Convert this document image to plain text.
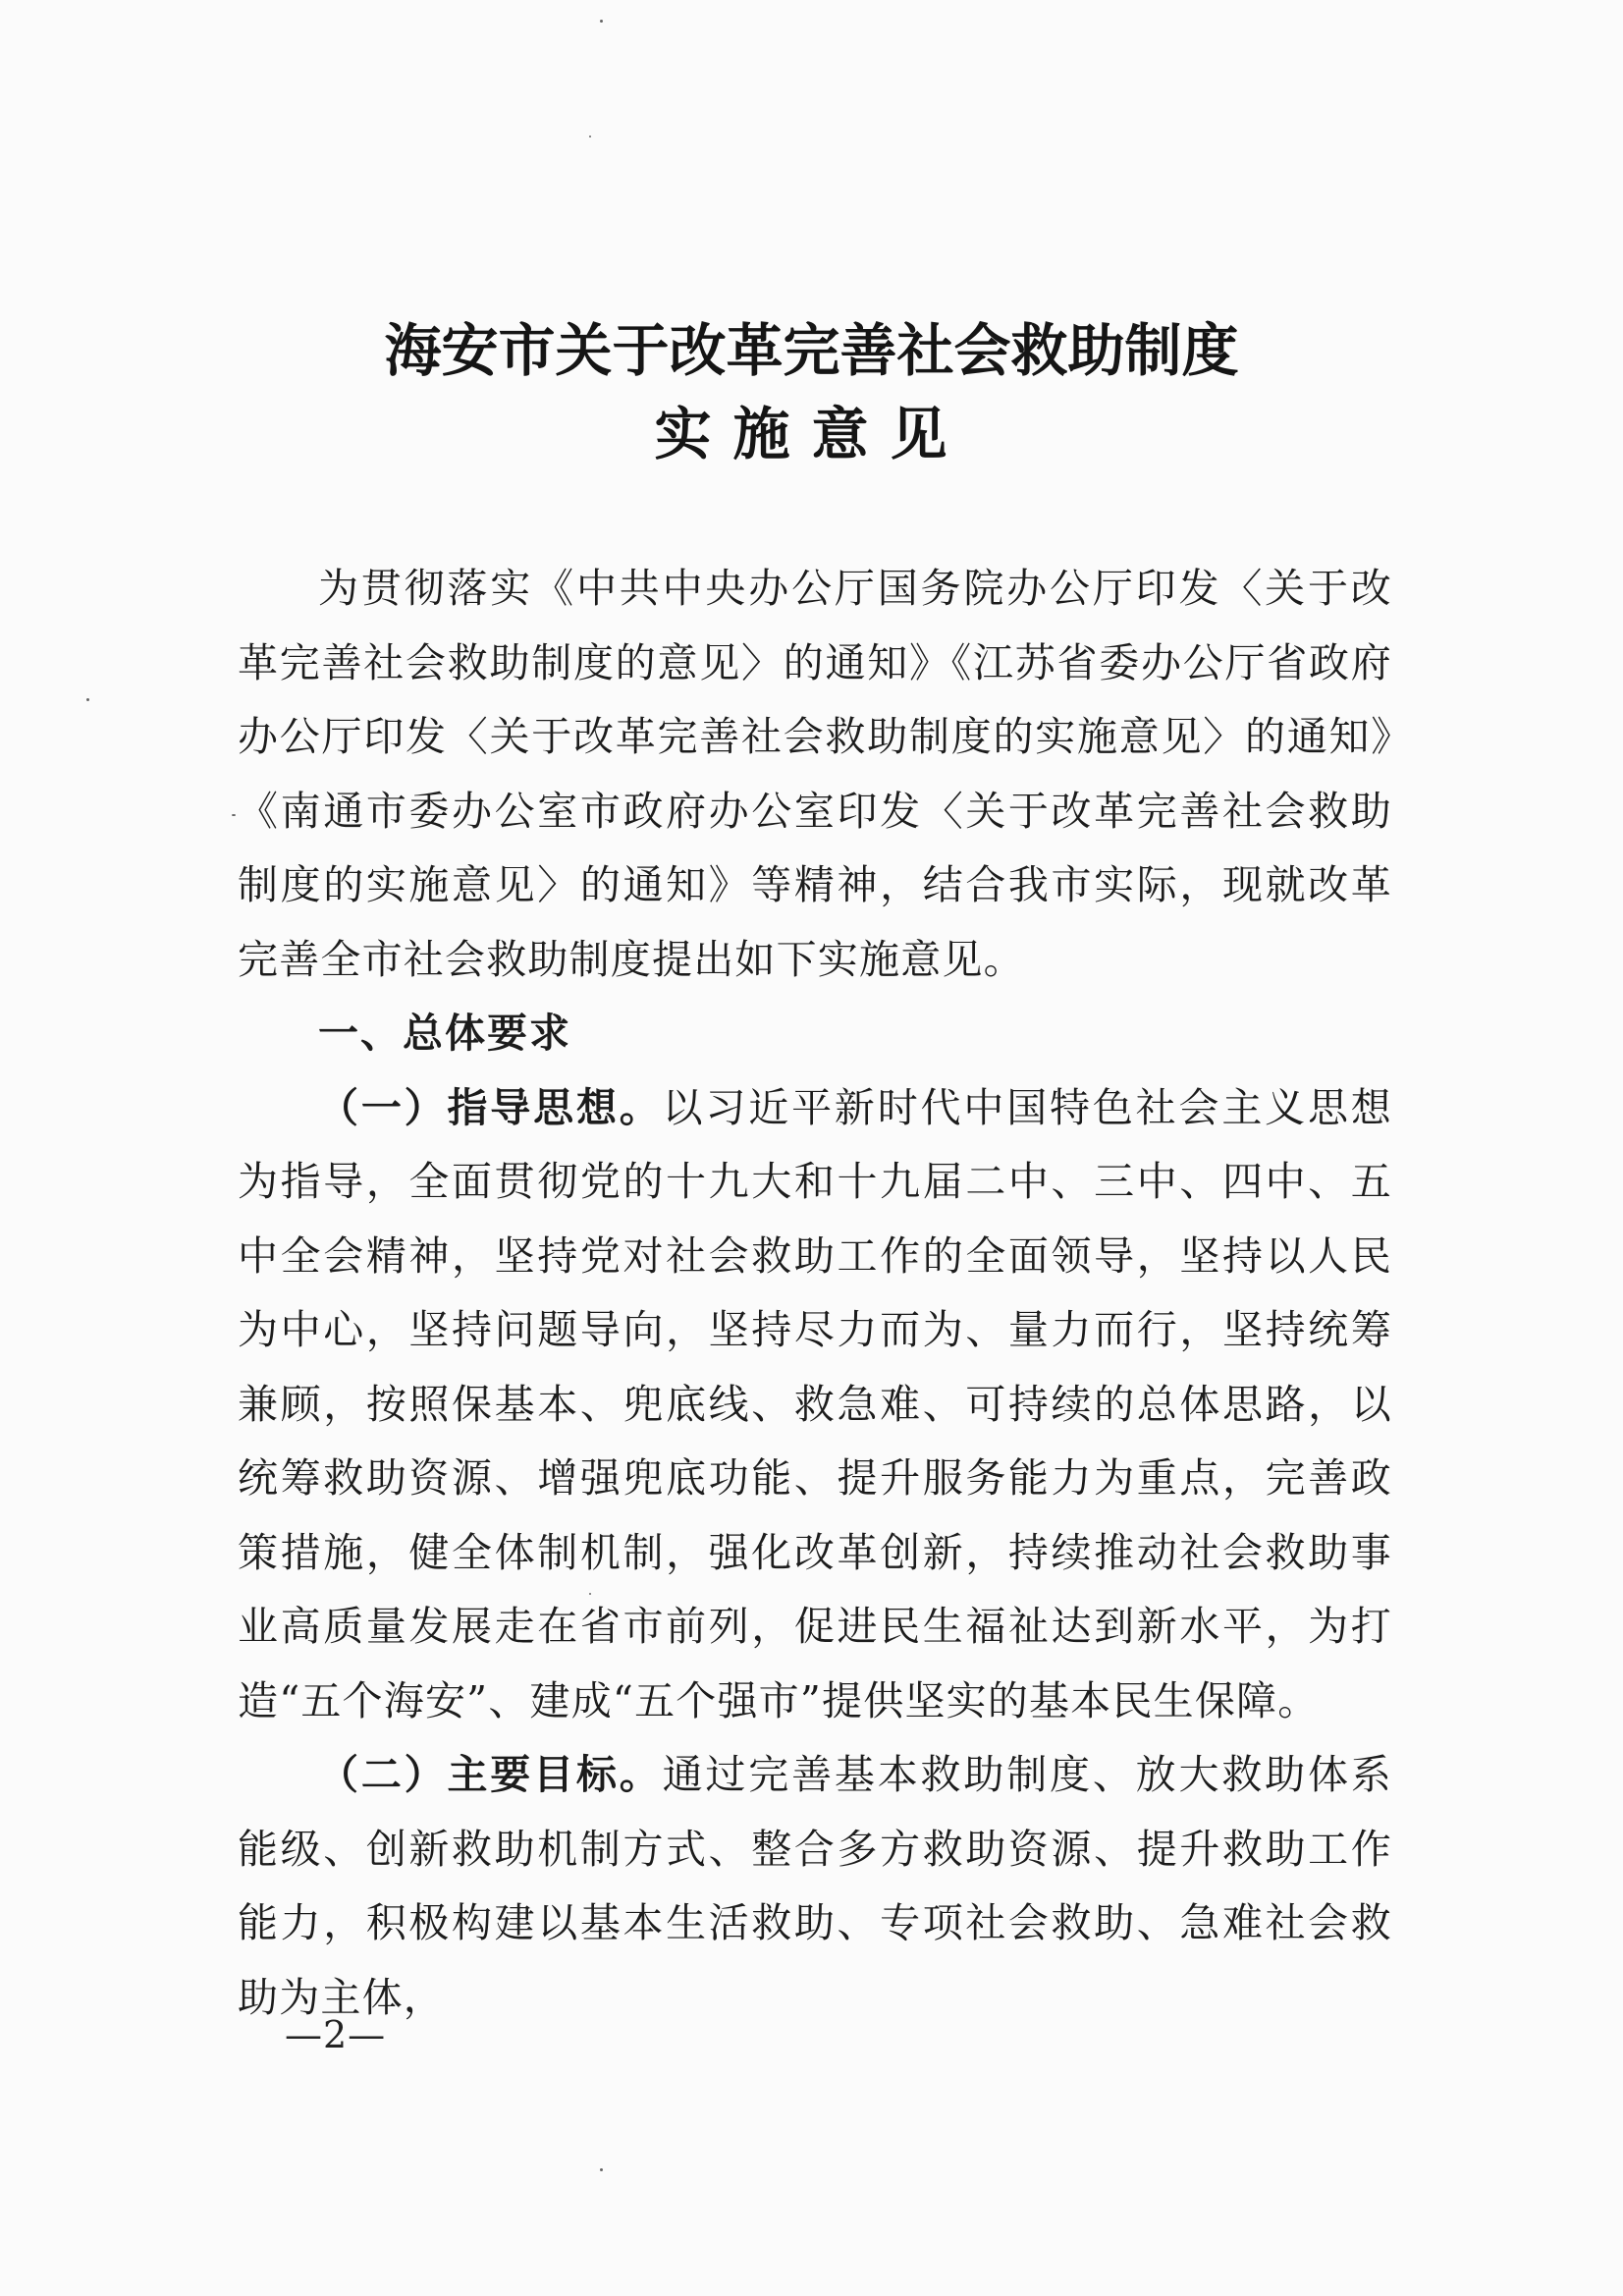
海安市关于改革完善社会救助制度
实施意见

为贯彻落实《中共中央办公厅国务院办公厅印发〈关于改革完善社会救助制度的意见〉的通知》《江苏省委办公厅省政府办公厅印发〈关于改革完善社会救助制度的实施意见〉的通知》《南通市委办公室市政府办公室印发〈关于改革完善社会救助制度的实施意见〉的通知》等精神，结合我市实际，现就改革完善全市社会救助制度提出如下实施意见。

一、总体要求

（一）指导思想。以习近平新时代中国特色社会主义思想为指导，全面贯彻党的十九大和十九届二中、三中、四中、五中全会精神，坚持党对社会救助工作的全面领导，坚持以人民为中心，坚持问题导向，坚持尽力而为、量力而行，坚持统筹兼顾，按照保基本、兜底线、救急难、可持续的总体思路，以统筹救助资源、增强兜底功能、提升服务能力为重点，完善政策措施，健全体制机制，强化改革创新，持续推动社会救助事业高质量发展走在省市前列，促进民生福祉达到新水平，为打造“五个海安”、建成“五个强市”提供坚实的基本民生保障。

（二）主要目标。通过完善基本救助制度、放大救助体系能级、创新救助机制方式、整合多方救助资源、提升救助工作能力，积极构建以基本生活救助、专项社会救助、急难社会救助为主体，

—2—
